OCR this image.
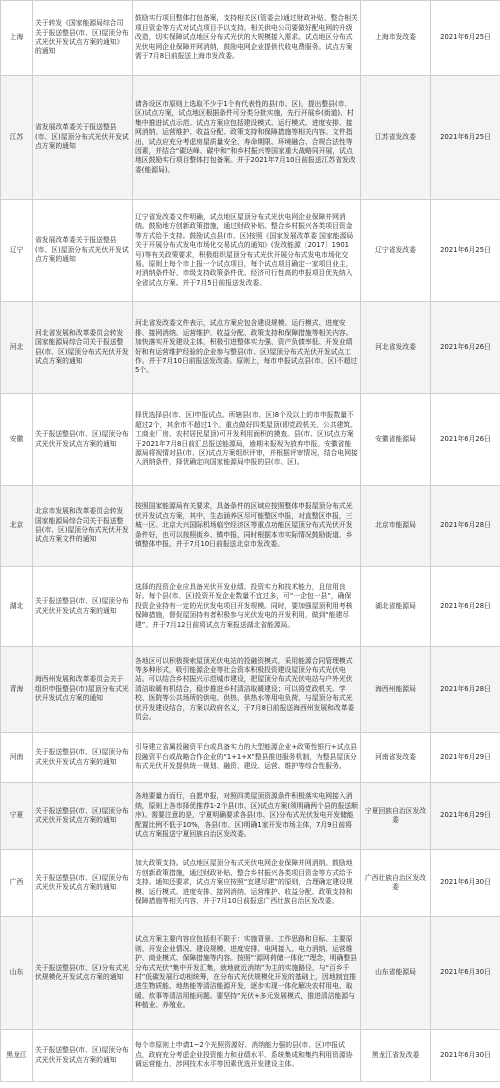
上海	关于转发《国家能源局综合司关于报送整县(市、区)屋顶分布式光伏开发试点方案的通知》的通知	鼓励实行项目整体打包备案，支持相关区(管委会)通过财政补贴、整合相关项目资金等方式对试点项目予以支持。相关供电公司要做好配电网的升级改造，切实保障试点地区分布式光伏的大规模接入需求。试点地区分布式光伏电网企业保障并网消纳，鼓励电网企业提供代收电费服务。试点方案需于7月8日前报送上海市发改委。	上海市发改委	2021年6月25日
江苏	省发展改革委关于报送整县(市、区)屋顶分布式光伏开发试点方案的通知	请各设区市原则上选取不少于1个有代表性的县(市、区)，提出整县(市、区)试点方案，试点地区根据条件可分类分批实施，先行开展乡(街道)、村集中推进试点示范。试点方案应包括建设模式、运行模式、进度安排、接网消纳、运营维护、收益分配、政策支持和保障措施等相关内容。文件指出，试点应充分考虑房屋质量安全、寿命期限、环境融合、合规合法性等因素，并结合“碳达峰、碳中和”和乡村振兴等国家重大战略同开展，试点地区鼓励实行项目整体打包备案。并于2021年7月10日前报送江苏省发改委(能源局)。	江苏省发改委	2021年6月25日
辽宁	省发展改革委关于报送整县(市、区)屋顶分布式光伏开发试点方案的通知	辽宁省发改委文件明确，试点地区屋顶分布式光伏电网企业保障并网消纳。鼓励地方创新政策措施，通过财政补贴、整合乡村振兴各类项目资金等方式给予支持。鼓励试点县(市、区)按照《国家发展改革委 国家能源局关于开展分布式发电市场化交易试点的通知》(发改能源〔2017〕1901号)等有关政策要求，积极组织屋顶分布式光伏开展分布式发电市场化交易。原则上每个市上报一个试点项目，每个试点项目确定一家项目业主，对消纳条件好、市级支持政策条件优、经济可行性高的申报项目优先纳入全省试点方案。并于7月5日前报送发改委。	辽宁省发改委	2021年6月25日
河北	河北省发展和改革委员会转发国家能源局综合司关于报送整县(市、区)屋顶分布式光伏开发试点方案的通知	河北省发改委文件表示，试点方案应包含建设规模、运行模式、进度安排、接网消纳、运营维护、收益分配、政策支持和保障措施等相关内容。加快落实开发建设主体，积极引进整体实力强、资产负债率低、开发业绩好和有运营维护经验的企业参与整县(市、区)屋顶分布式光伏开发试点工作。并于7月10日前报送发改委。原则上，每市申报试点县(市、区)不超过5个。	河北省发改委	2021年6月26日
安徽	关于报送整县(市、区)屋顶分布式光伏开发试点方案的通知	择优选择县(市、区)申报试点。所辖县(市、区)8个及以上的市申报数量不超过2个，其余市不超过1个。重点做好四类屋顶(即党政机关、公共建筑、工商业厂房、农村居民屋顶)可开发利用面积的摸查。县(市、区)试点方案于2021年7月8日前汇总报送能源局，逾期未报视为放弃申报。安徽省能源局将视情对县(市、区)试点方案组织评审，并根据评审情况，结合电网接入消纳条件，择优确定向国家能源局申报的县(市、区)。	安徽省能源局	2021年6月26日
北京	北京市发展和改革委员会转发国家能源局综合司关于报送整县(市、区)屋顶分布式光伏开发试点方案文件的通知	按照国家能源局有关要求，具备条件的区域应按照整体申报屋顶分布式光伏开发试点方案，其中，生态涵养区尽可能整区申报，对直整区申报，三城一区、北京大兴国际机场临空经济区等重点功能区屋顶分布式光伏开发条件好，也可以按照街乡、镇申报，同时根据本市实际情况鼓励街道、乡镇整体申报。并于7月10日前报送北京市发改委。	北京市能源局	2021年6月28日
湖北	关于报送整县(市、区)屋顶分布式光伏开发试点方案的通知	选择的投资企业应具备光伏开发业绩、投资实力和技术能力，且信用良好。每个县(市、区)投资开发企业数量不宜过多，可“一企包一县”，确保投资企业持有一定的光伏发电项目开发规模。同时，要加强屋顶利用考核保障措施，督促屋顶持有者积极参与光伏发电的开发利用，做到“能建尽建”。并于7月12日前将试点方案报送湖北省能源局。	湖北省能源局	2021年6月28日
青海	海西州发展和改革委员会关于组织申报整县(市)屋顶分布式光伏开发试点方案的通知	各地区可以积极探索屋顶光伏电站的投融资模式，采用能源合同管理模式等多种形式，吸引能源企业等社会资本积极投资建设屋顶分布式光伏电站。可以结合乡村振兴示范城市建设，把屋顶分布式光伏电站与户外光伏清洁取暖有机结合，稳步推进乡村清洁取暖建设；可以将党政机关、学校、医院等公共场所的供电、供热、供热水等用电负荷，与屋顶分布式光伏开发建设结合，方案以政府名义，于7月8日前报送海西州发展和改革委员会。	海西州能源局	2021年6月28日
河南	关于报送整县(市、区)屋顶分布式光伏开发试点方案的通知	引导建立省属投融资平台或具备实力的大型能源企业+政策性银行+试点县投融资平台或战略合作企业的“1+1+X”整县推进服务机制，为整县屋顶分布式光伏开发提供统一规划、融资、建设、运营、维护等综合性服务。	河南省发改委	2021年6月29日
宁夏	关于报送整县(市、区)屋顶分布式光伏开发试点方案的通知	各地要量力而行，自愿申报，对照四类屋顶资源条件积极落实电网接入消纳，原则上各市择优推荐1-2个县(市、区)试点方案(须明确两个县的报送顺序)。需要注意的是，宁夏明确要求各县(市、区)分布式光伏发电开发储能配置比例不低于10%，各县(市、区)明确1家开发市场主体，7月9日前将试点方案报送宁夏回族自治区发改委。	宁夏回族自治区发改委	2021年6月29日
广西	关于报送整县(市、区)屋顶分布式光伏开发试点方案的通知	加大政策支持。试点地区屋顶分布式光伏电网企业保障并网消纳。鼓励地方创新政策措施，通过财政补贴、整合乡村振兴各类项目资金等方式给予支持。通知还要求，试点方案应按照“宜建尽建”的原则，合理确定建设规模、运行模式、进度安排、接网消纳、运营维护、收益分配、政策支持和保障措施等相关内容，并于7月10日前报送广西壮族自治区发改委。	广西壮族自治区发改委	2021年6月30日
山东	关于报送整县(市、区)分布式光伏规模化开发试点方案的通知	试点方案主要内容应包括但不限于：实施背景、工作思路和目标、主要原则、开发企业情况、建设规模、进度安排、电网接入、电力消纳、运营维护、商业模式、保障措施等内容。按照“‘源网荷储一体化’”理念，明确整县分布式光伏“集中开发汇集，就地就近消纳”为主的实施路径，与“百乡千村”低碳发展行动相统筹，在分布式光伏规模化开发的基础上，因地制宜推进生物质能、地热能等清洁能源开发，逐步实现一体化解决农村用电、取暖、炊事等清洁用能问题。要坚持“光伏+多元发展模式，推进清洁能源与种植业、养殖业。	山东省能源局	2021年6月30日
黑龙江	关于报送整县(市、区)屋顶分布式光伏开发试点方案的通知	每个市原则上申请1~2个光照资源好、消纳能力强的县(市、区)申报试点，政府充分考虑企业投资能力和业绩水平、系统集成和集约利用资源协调运营能力、涉网技术水平等因素优选开发建设主体。	黑龙江省发改委	2021年6月30日
